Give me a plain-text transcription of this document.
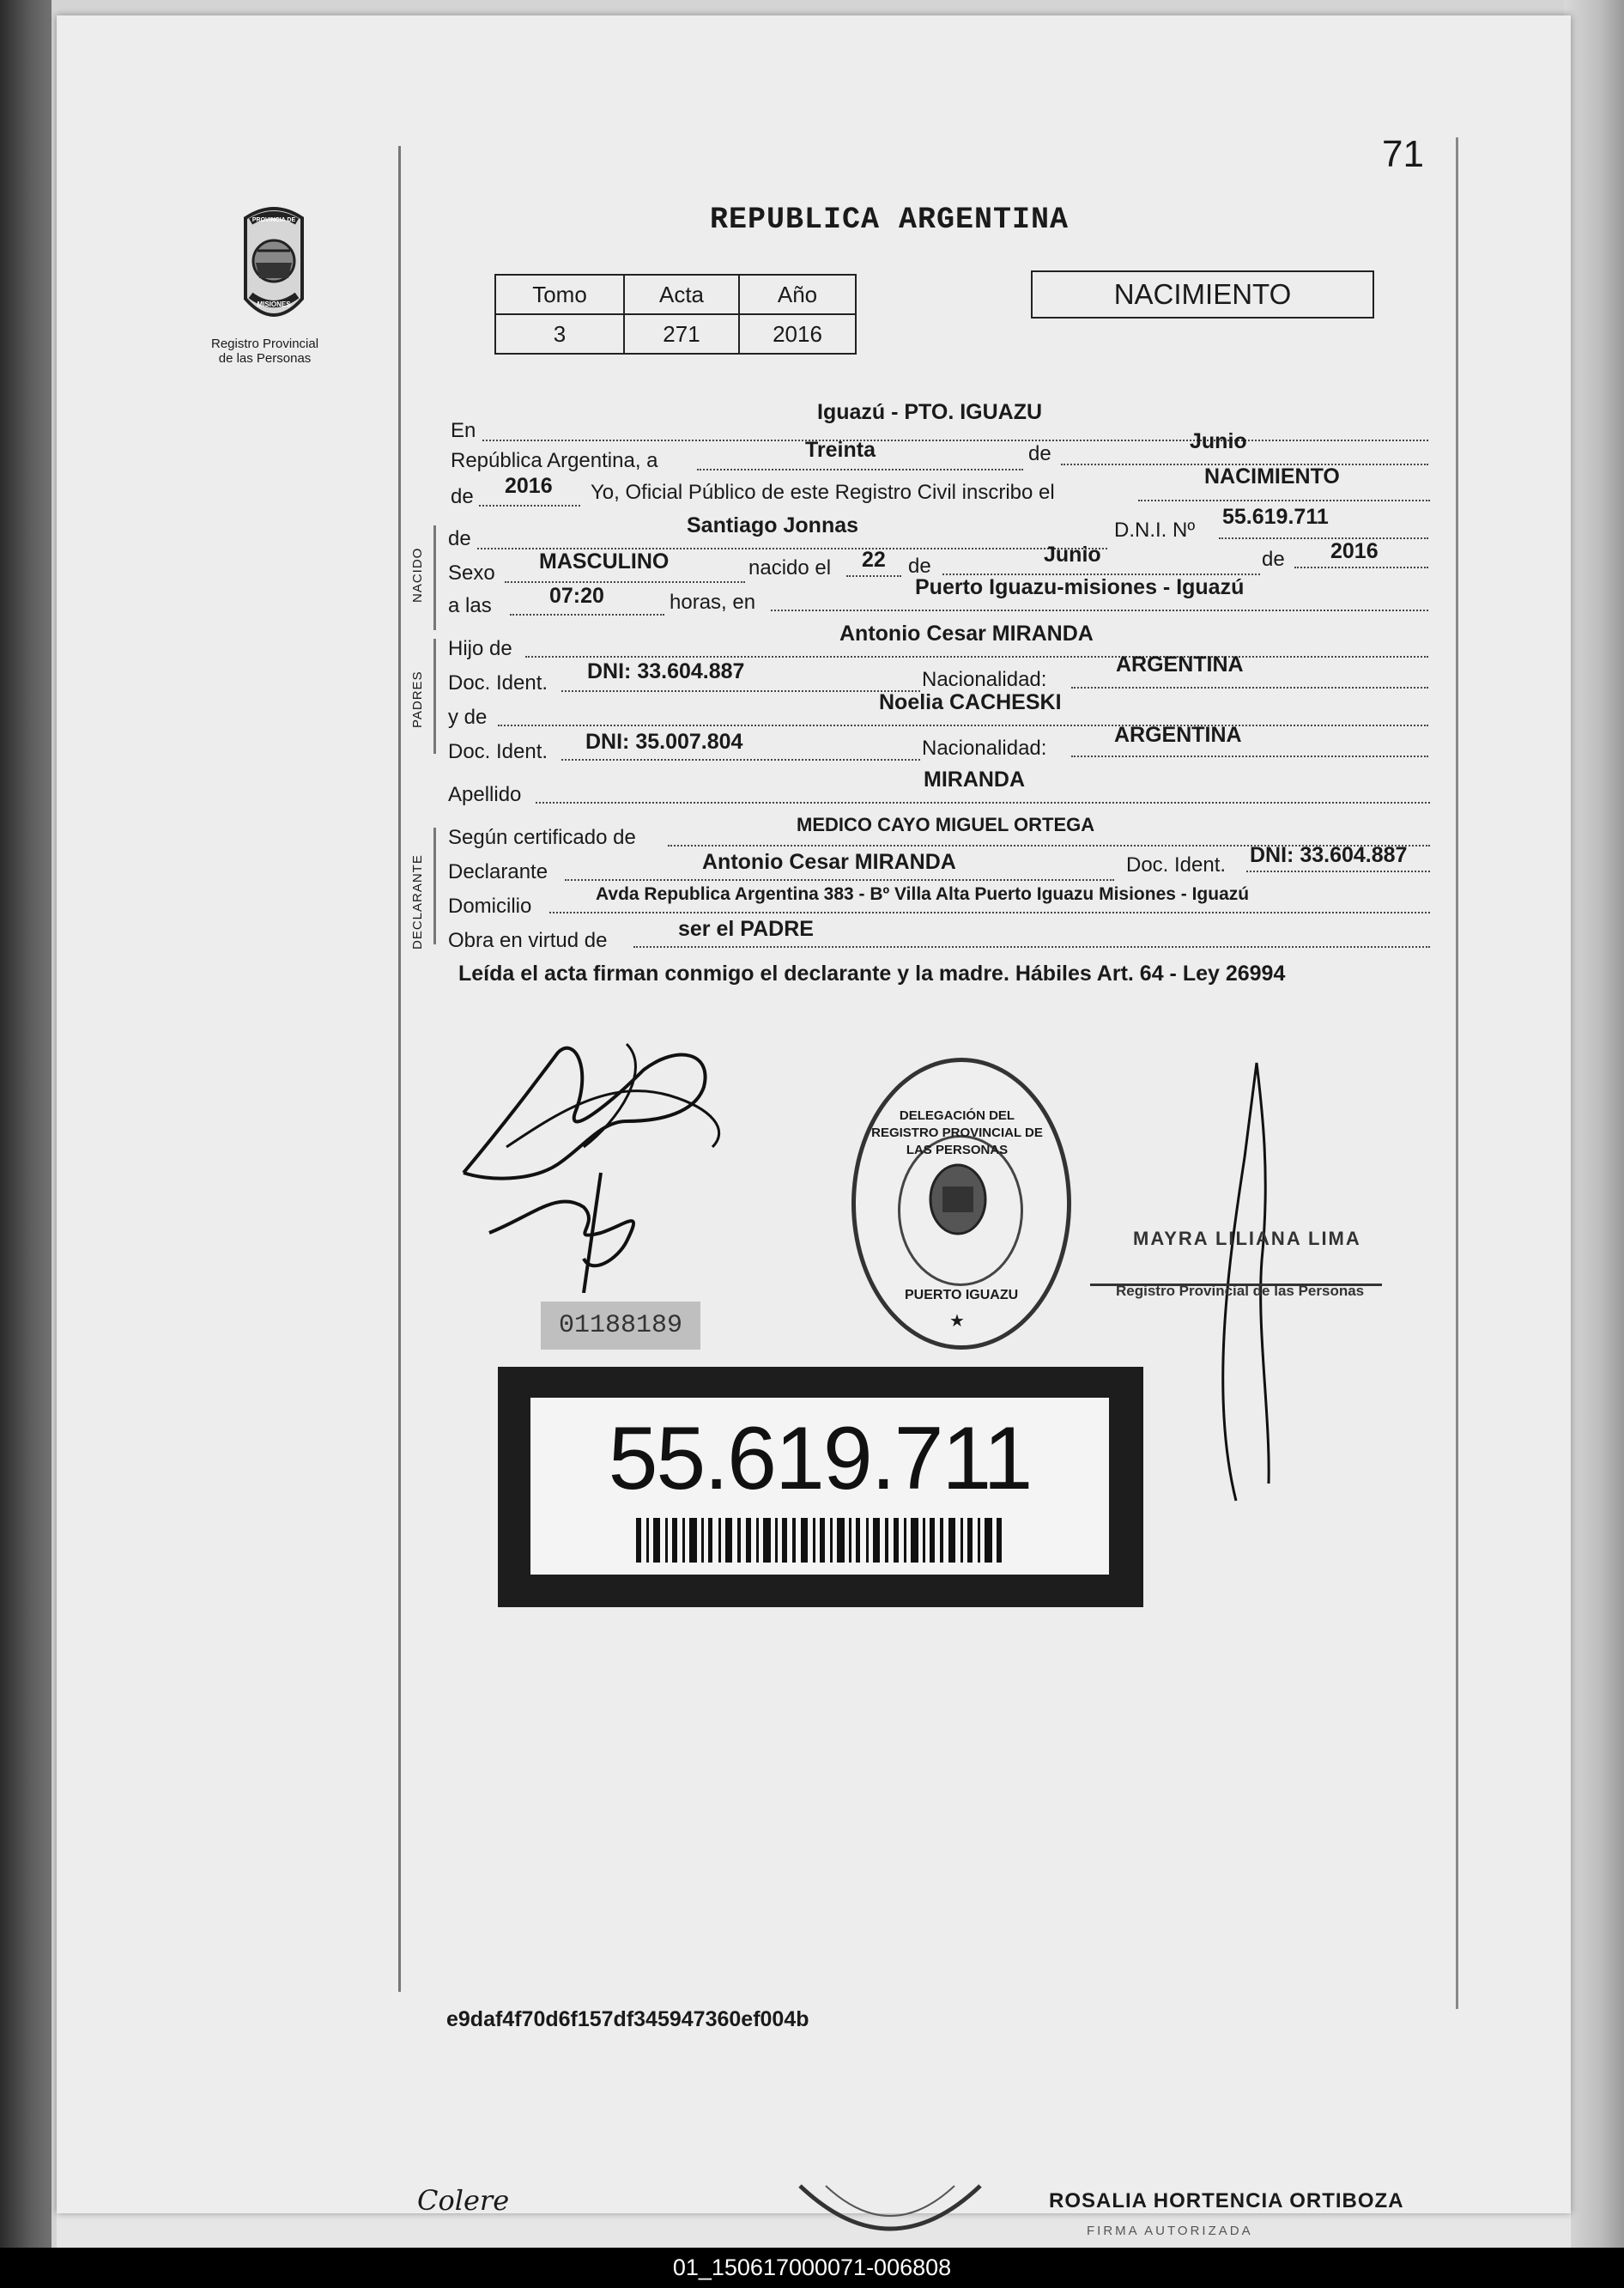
71
REPUBLICA ARGENTINA
PROVINCIA DE
MISIONES
Registro Provincial
de las Personas
Tomo	Acta	Año
3	271	2016
NACIMIENTO
En
Iguazú - PTO. IGUAZU
República Argentina, a	Treinta	de
Junio
de 2016 Yo, Oficial Público de este Registro Civil inscribo el
NACIMIENTO
NACIDO
de
Santiago Jonnas	D.N.I. Nº
55.619.711
Sexo MASCULINO	nacido el 22 de	Junio	de 2016
a las	07:20	horas, en
Puerto Iguazu-misiones - Iguazú
PADRES
Hijo de
Antonio Cesar MIRANDA
Doc. Ident. DNI: 33.604.887	Nacionalidad:
ARGENTINA
y de
Noelia CACHESKI
Doc. Ident. DNI: 35.007.804	Nacionalidad:
ARGENTINA
Apellido
MIRANDA
DECLARANTE
Según certificado de
MEDICO CAYO MIGUEL ORTEGA
Declarante	Antonio Cesar MIRANDA	Doc. Ident. DNI: 33.604.887
Domicilio
Avda Republica Argentina 383 - Bº Villa Alta Puerto Iguazu Misiones - Iguazú
Obra en virtud de	ser el PADRE
Leída el acta firman conmigo el declarante y la madre. Hábiles Art. 64 - Ley 26994
DELEGACIÓN DEL REGISTRO PROVINCIAL DE LAS PERSONAS
PUERTO IGUAZU
★
MAYRA LILIANA LIMA
Registro Provincial de las Personas
01188189
55.619.711
e9daf4f70d6f157df345947360ef004b
Colere	ROSALIA HORTENCIA ORTIBOZA
FIRMA AUTORIZADA
01_150617000071-006808
